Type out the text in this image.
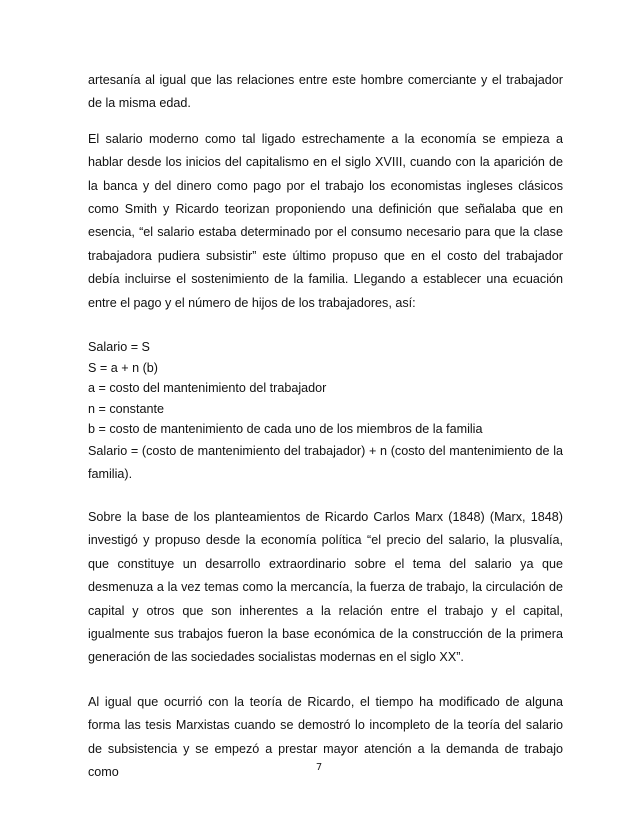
artesanía al igual que las relaciones entre este hombre comerciante y el trabajador de la misma edad.

El salario moderno como tal ligado estrechamente a la economía se empieza a hablar desde los inicios del capitalismo en el siglo XVIII, cuando con la aparición de la banca y del dinero como pago por el trabajo los economistas ingleses clásicos como Smith y Ricardo teorizan proponiendo una definición que señalaba que en esencia, “el salario estaba determinado por el consumo necesario para que la clase trabajadora pudiera subsistir” este último propuso que en el costo del trabajador debía incluirse el sostenimiento de la familia. Llegando a establecer una ecuación entre el pago y el número de hijos de los trabajadores, así:

Salario = S
S = a + n (b)
a = costo del mantenimiento del trabajador
n = constante
b = costo de mantenimiento de cada uno de los miembros de la familia
Salario = (costo de mantenimiento del trabajador) + n (costo del mantenimiento de la familia).

Sobre la base de los planteamientos de Ricardo Carlos Marx (1848) (Marx, 1848) investigó y propuso desde la economía política “el precio del salario, la plusvalía, que constituye un desarrollo extraordinario sobre el tema del salario ya que desmenuza a la vez temas como la mercancía, la fuerza de trabajo, la circulación de capital y otros que son inherentes a la relación entre el trabajo y el capital, igualmente sus trabajos fueron la base económica de la construcción de la primera generación de las sociedades socialistas modernas en el siglo XX”.

Al igual que ocurrió con la teoría de Ricardo, el tiempo ha modificado de alguna forma las tesis Marxistas cuando se demostró lo incompleto de la teoría del salario de subsistencia y se empezó a prestar mayor atención a la demanda de trabajo como	7
